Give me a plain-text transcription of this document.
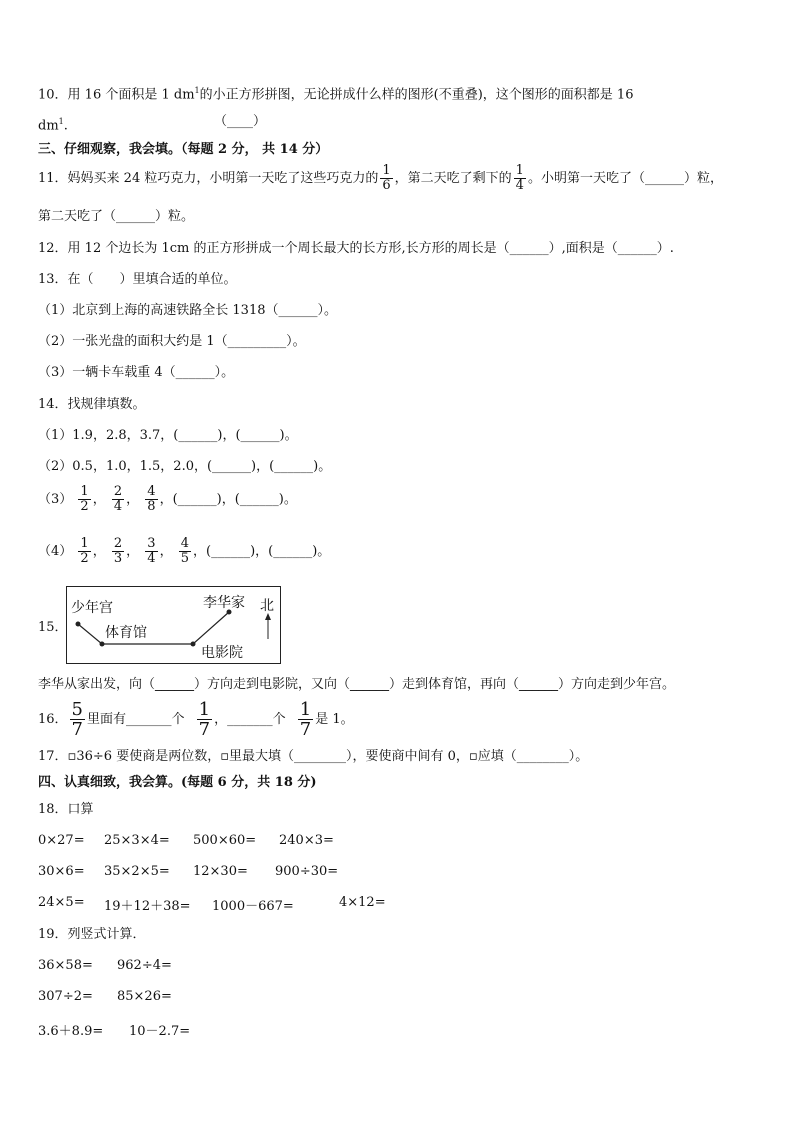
10．用 16 个面积是 1 $dm^1$的小正方形拼图，无论拼成什么样的图形(不重叠)，这个图形的面积都是 16
$dm^1$.	（____）
三、仔细观察，我会填。（每题 2 分， 共 14 分）
11．妈妈买来 24 粒巧克力，小明第一天吃了这些巧克力的 $\frac{1}{6}$ ，第二天吃了剩下的 $\frac{1}{4}$ 。小明第一天吃了（______）粒，
第二天吃了（______）粒。
12．用 12 个边长为 1cm 的正方形拼成一个周长最大的长方形,长方形的周长是（______）,面积是（______）.
13．在（　　）里填合适的单位。
（1）北京到上海的高速铁路全长 1318（______）。
（2）一张光盘的面积大约是 1（_________）。
（3）一辆卡车载重 4（______）。
14．找规律填数。
（1）1.9，2.8，3.7，(______)，(______)。
（2）0.5，1.0，1.5，2.0，(______)，(______)。
$(3) \frac{1}{2}$ ， $\frac{2}{4}$ ， $\frac{4}{8}$ ，(______)，(______)。
$(4) \frac{1}{2}$ ， $\frac{2}{3}$ ， $\frac{3}{4}$ ， $\frac{4}{5}$ ，(______)，(______)。
15．
少年宫
体育馆
李华家 北
电影院
李华从家出发，向（______）方向走到电影院，又向（______）走到体育馆，再向（______）方向走到少年宫。
16． $\frac{5}{7}$ 里面有_______个 $\frac{1}{7}$ ，_______个 $\frac{1}{7}$ 是 1。
17．▫36÷6 要使商是两位数，▫里最大填（________），要使商中间有 0，▫应填（________）。
四、认真细致，我会算。(每题 6 分，共 18 分)
18．口算
0×27= 25×3×4= 500×60= 240×3=
30×6= 35×2×5= 12×30= 900÷30=
24×5= 19＋12＋38= 1000－667=	4×12=
19．列竖式计算．
36×58= 962÷4=
307÷2= 85×26=
3.6＋8.9= 10－2.7=
